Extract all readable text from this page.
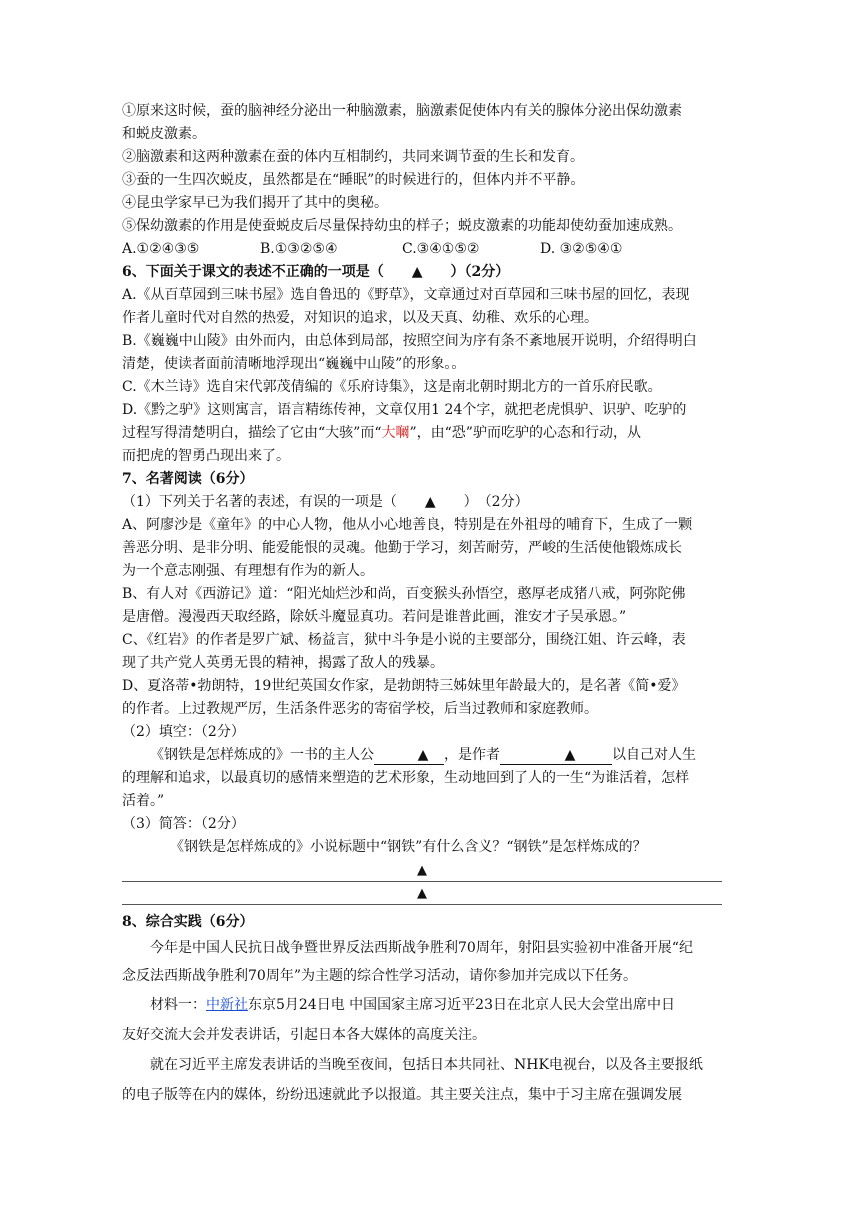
①原来这时候，蚕的脑神经分泌出一种脑激素，脑激素促使体内有关的腺体分泌出保幼激素
和蜕皮激素。
②脑激素和这两种激素在蚕的体内互相制约，共同来调节蚕的生长和发育。
③蚕的一生四次蜕皮，虽然都是在“睡眠”的时候进行的，但体内并不平静。
④昆虫学家早已为我们揭开了其中的奥秘。
⑤保幼激素的作用是使蚕蜕皮后尽量保持幼虫的样子；蜕皮激素的功能却使幼蚕加速成熟。
A.①②④③⑤	B.①③②⑤④	C.③④①⑤②	D. ③②⑤④①
6、下面关于课文的表述不正确的一项是（　　▲　　）（2分）
A.《从百草园到三味书屋》选自鲁迅的《野草》，文章通过对百草园和三味书屋的回忆，表现
作者儿童时代对自然的热爱，对知识的追求，以及天真、幼稚、欢乐的心理。
B.《巍巍中山陵》由外而内，由总体到局部，按照空间为序有条不紊地展开说明，介绍得明白
清楚，使读者面前清晰地浮现出“巍巍中山陵”的形象。。
C.《木兰诗》选自宋代郭茂倩编的《乐府诗集》，这是南北朝时期北方的一首乐府民歌。
D.《黔之驴》这则寓言，语言精练传神，文章仅用1 24个字，就把老虎惧驴、识驴、吃驴的
过程写得清楚明白，描绘了它由“大骇”而“大㘎”，由“恐”驴而吃驴的心态和行动，从
而把虎的智勇凸现出来了。
7、名著阅读（6分）
（1）下列关于名著的表述，有误的一项是（　　▲　　）　（2分）
A、阿廖沙是《童年》的中心人物，他从小心地善良，特别是在外祖母的哺育下，生成了一颗
善恶分明、是非分明、能爱能恨的灵魂。他勤于学习，刻苦耐劳，严峻的生活使他锻炼成长
为一个意志刚强、有理想有作为的新人。
B、有人对《西游记》道：“阳光灿烂沙和尚，百变猴头孙悟空，憨厚老成猪八戒，阿弥陀佛
是唐僧。漫漫西天取经路，除妖斗魔显真功。若问是谁普此画，淮安才子吴承恩。”
C、《红岩》的作者是罗广斌、杨益言，狱中斗争是小说的主要部分，围绕江姐、许云峰，表
现了共产党人英勇无畏的精神，揭露了敌人的残暴。
D、夏洛蒂•勃朗特，19世纪英国女作家，是勃朗特三姊妹里年龄最大的，是名著《简•爱》
的作者。上过教规严厉，生活条件恶劣的寄宿学校，后当过教师和家庭教师。
（2）填空：（2分）
《钢铁是怎样炼成的》一书的主人公	▲ ，是作者	▲	以自己对人生
的理解和追求，以最真切的感情来塑造的艺术形象，生动地回到了人的一生“为谁活着，怎样
活着。”
（3）简答：（2分）
《钢铁是怎样炼成的》小说标题中“钢铁”有什么含义？“钢铁”是怎样炼成的？
▲
▲
8、综合实践（6分）
今年是中国人民抗日战争暨世界反法西斯战争胜利70周年，射阳县实验初中准备开展“纪
念反法西斯战争胜利70周年”为主题的综合性学习活动，请你参加并完成以下任务。
材料一：中新社东京5月24日电 中国国家主席习近平23日在北京人民大会堂出席中日
友好交流大会并发表讲话，引起日本各大媒体的高度关注。
就在习近平主席发表讲话的当晚至夜间，包括日本共同社、NHK电视台，以及各主要报纸
的电子版等在内的媒体，纷纷迅速就此予以报道。其主要关注点，集中于习主席在强调发展
